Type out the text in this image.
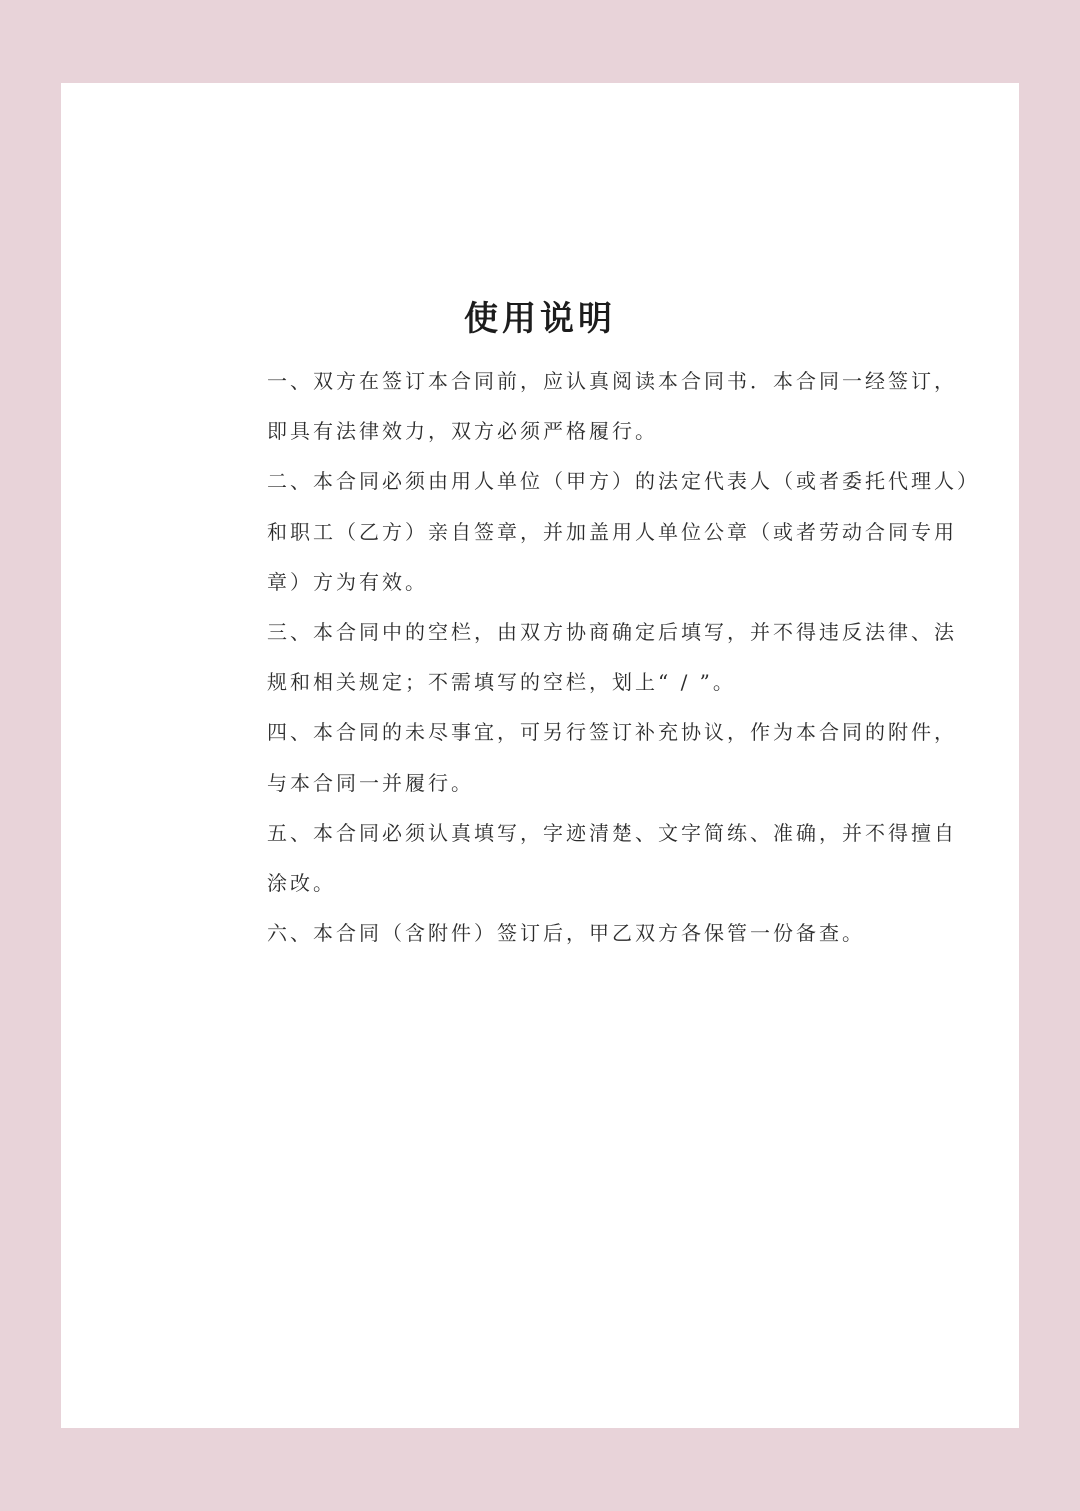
使用说明
一、双方在签订本合同前，应认真阅读本合同书．本合同一经签订，
即具有法律效力，双方必须严格履行。
二、本合同必须由用人单位（甲方）的法定代表人（或者委托代理人）
和职工（乙方）亲自签章，并加盖用人单位公章（或者劳动合同专用
章）方为有效。
三、本合同中的空栏，由双方协商确定后填写，并不得违反法律、法
规和相关规定；不需填写的空栏，划上“ / ”。
四、本合同的未尽事宜，可另行签订补充协议，作为本合同的附件，
与本合同一并履行。
五、本合同必须认真填写，字迹清楚、文字简练、准确，并不得擅自
涂改。
六、本合同（含附件）签订后，甲乙双方各保管一份备查。
